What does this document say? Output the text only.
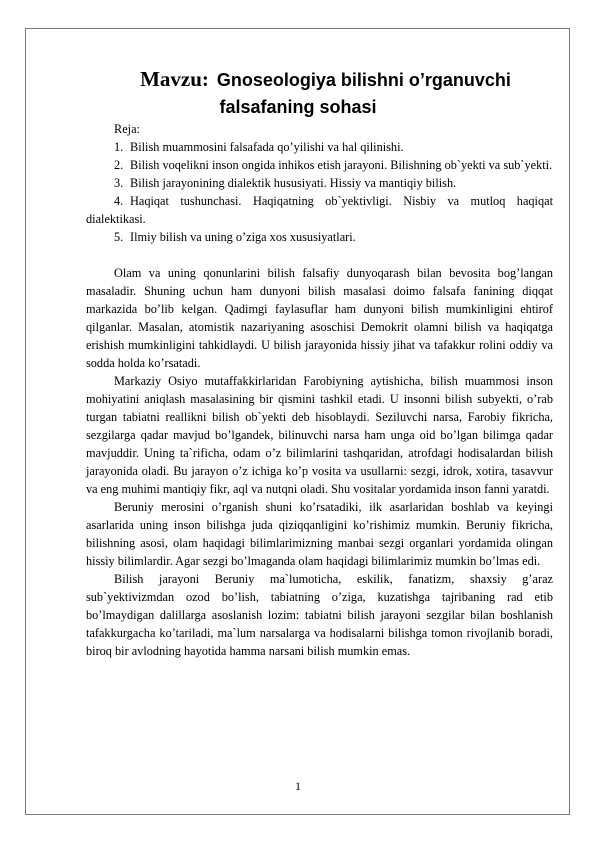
Mavzu: Gnoseologiya bilishni o’rganuvchi
falsafaning sohasi
Reja:
1. Bilish muammosini falsafada qo’yilishi va hal qilinishi.
2. Bilish voqelikni inson ongida inhikos etish jarayoni. Bilishning ob`yekti va sub`yekti.
3. Bilish jarayonining dialektik hususiyati. Hissiy va mantiqiy bilish.
4. Haqiqat tushunchasi. Haqiqatning ob`yektivligi. Nisbiy va mutloq haqiqat dialektikasi.
5. Ilmiy bilish va uning o’ziga xos xususiyatlari.

Olam va uning qonunlarini bilish falsafiy dunyoqarash bilan bevosita bog’langan masaladir. Shuning uchun ham dunyoni bilish masalasi doimo falsafa fanining diqqat markazida bo’lib kelgan. Qadimgi faylasuflar ham dunyoni bilish mumkinligini ehtirof qilganlar. Masalan, atomistik nazariyaning asoschisi Demokrit olamni bilish va haqiqatga erishish mumkinligini tahkidlaydi. U bilish jarayonida hissiy jihat va tafakkur rolini oddiy va sodda holda ko’rsatadi.

Markaziy Osiyo mutaffakkirlaridan Farobiyning aytishicha, bilish muammosi inson mohiyatini aniqlash masalasining bir qismini tashkil etadi. U insonni bilish subyekti, o’rab turgan tabiatni reallikni bilish ob`yekti deb hisoblaydi. Seziluvchi narsa, Farobiy fikricha, sezgilarga qadar mavjud bo’lgandek, bilinuvchi narsa ham unga oid bo’lgan bilimga qadar mavjuddir. Uning ta`rificha, odam o’z bilimlarini tashqaridan, atrofdagi hodisalardan bilish jarayonida oladi. Bu jarayon o’z ichiga ko’p vosita va usullarni: sezgi, idrok, xotira, tasavvur va eng muhimi mantiqiy fikr, aql va nutqni oladi. Shu vositalar yordamida inson fanni yaratdi.

Beruniy merosini o’rganish shuni ko’rsatadiki, ilk asarlaridan boshlab va keyingi asarlarida uning inson bilishga juda qiziqqanligini ko’rishimiz mumkin. Beruniy fikricha, bilishning asosi, olam haqidagi bilimlarimizning manbai sezgi organlari yordamida olingan hissiy bilimlardir. Agar sezgi bo’lmaganda olam haqidagi bilimlarimiz mumkin bo’lmas edi.

Bilish jarayoni Beruniy ma`lumoticha, eskilik, fanatizm, shaxsiy g’araz sub`yektivizmdan ozod bo’lish, tabiatning o’ziga, kuzatishga tajribaning rad etib bo’lmaydigan dalillarga asoslanish lozim: tabiatni bilish jarayoni sezgilar bilan boshlanish tafakkurgacha ko’tariladi, ma`lum narsalarga va hodisalarni bilishga tomon rivojlanib boradi, biroq bir avlodning hayotida hamma narsani bilish mumkin emas.

1
